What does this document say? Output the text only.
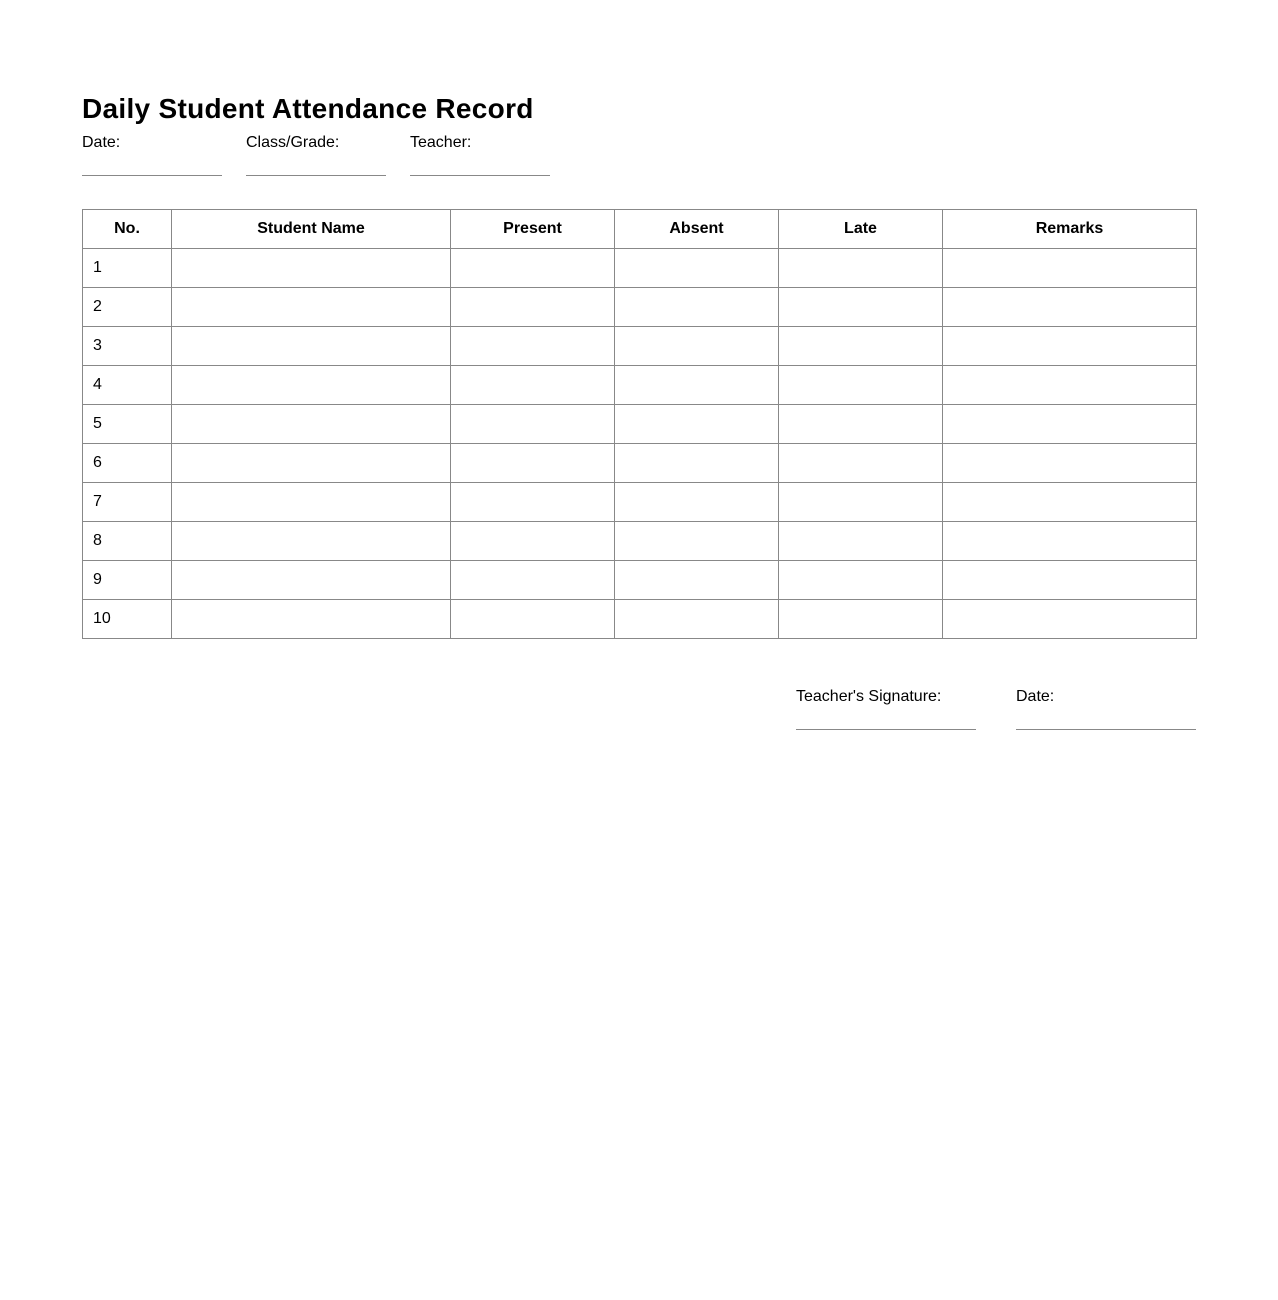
Daily Student Attendance Record
Date:	Class/Grade:	Teacher:
No.	Student Name	Present	Absent	Late	Remarks
1					
2					
3					
4					
5					
6					
7					
8					
9					
10					
Teacher's Signature:	Date:
